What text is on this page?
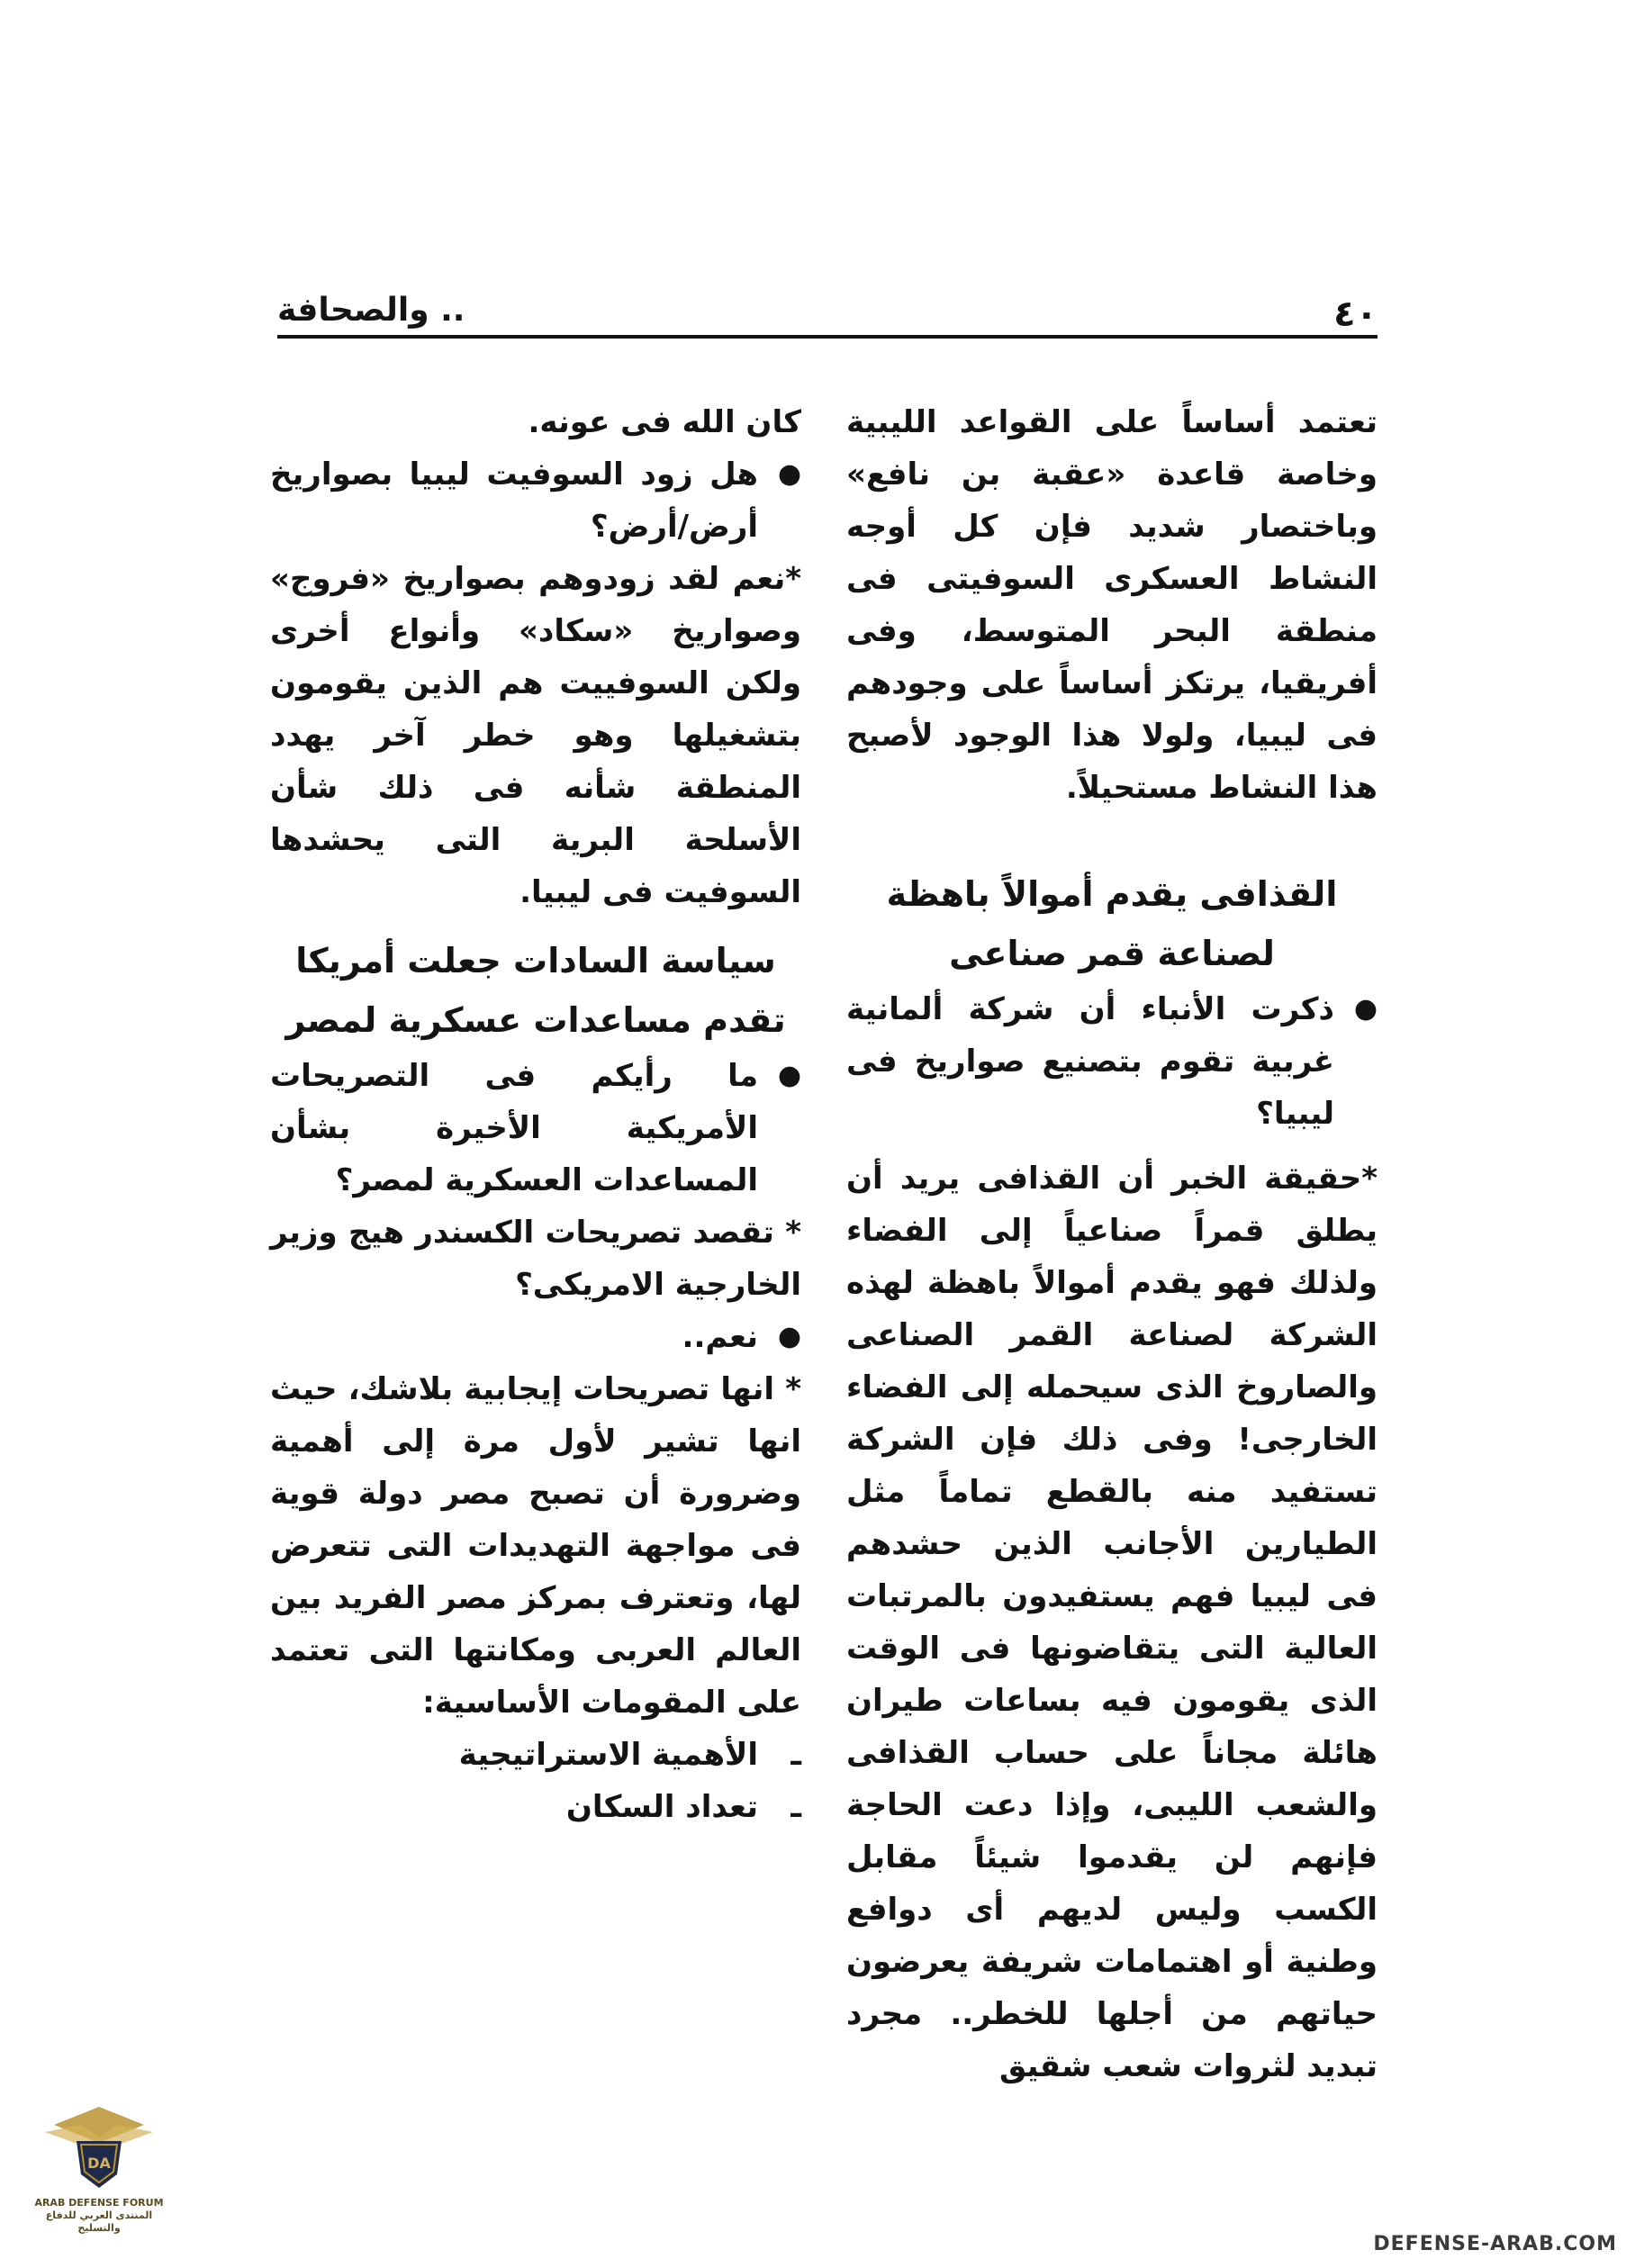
٤٠
.. والصحافة

تعتمد أساساً على القواعد الليبية وخاصة قاعدة «عقبة بن نافع» وباختصار شديد فإن كل أوجه النشاط العسكرى السوفيتى فى منطقة البحر المتوسط، وفى أفريقيا، يرتكز أساساً على وجودهم فى ليبيا، ولولا هذا الوجود لأصبح هذا النشاط مستحيلاً.

القذافى يقدم أموالاً باهظة لصناعة قمر صناعى

●
ذكرت الأنباء أن شركة ألمانية غربية تقوم بتصنيع صواريخ فى ليبيا؟

*حقيقة الخبر أن القذافى يريد أن يطلق قمراً صناعياً إلى الفضاء ولذلك فهو يقدم أموالاً باهظة لهذه الشركة لصناعة القمر الصناعى والصاروخ الذى سيحمله إلى الفضاء الخارجى! وفى ذلك فإن الشركة تستفيد منه بالقطع تماماً مثل الطيارين الأجانب الذين حشدهم فى ليبيا فهم يستفيدون بالمرتبات العالية التى يتقاضونها فى الوقت الذى يقومون فيه بساعات طيران هائلة مجاناً على حساب القذافى والشعب الليبى، وإذا دعت الحاجة فإنهم لن يقدموا شيئاً مقابل الكسب وليس لديهم أى دوافع وطنية أو اهتمامات شريفة يعرضون حياتهم من أجلها للخطر.. مجرد تبديد لثروات شعب شقيق

كان الله فى عونه.

●
هل زود السوفيت ليبيا بصواريخ أرض/أرض؟

*نعم لقد زودوهم بصواريخ «فروج» وصواريخ «سكاد» وأنواع أخرى ولكن السوفييت هم الذين يقومون بتشغيلها وهو خطر آخر يهدد المنطقة شأنه فى ذلك شأن الأسلحة البرية التى يحشدها السوفيت فى ليبيا.

سياسة السادات جعلت أمريكا تقدم مساعدات عسكرية لمصر

●
ما رأيكم فى التصريحات الأمريكية الأخيرة بشأن المساعدات العسكرية لمصر؟

* تقصد تصريحات الكسندر هيج وزير الخارجية الامريكى؟

●
نعم..

* انها تصريحات إيجابية بلاشك، حيث انها تشير لأول مرة إلى أهمية وضرورة أن تصبح مصر دولة قوية فى مواجهة التهديدات التى تتعرض لها، وتعترف بمركز مصر الفريد بين العالم العربى ومكانتها التى تعتمد على المقومات الأساسية:

ـ
الأهمية الاستراتيجية

ـ
تعداد السكان

DA
ARAB DEFENSE FORUM
المنتدى العربي للدفاع والتسليح
DEFENSE-ARAB.COM
